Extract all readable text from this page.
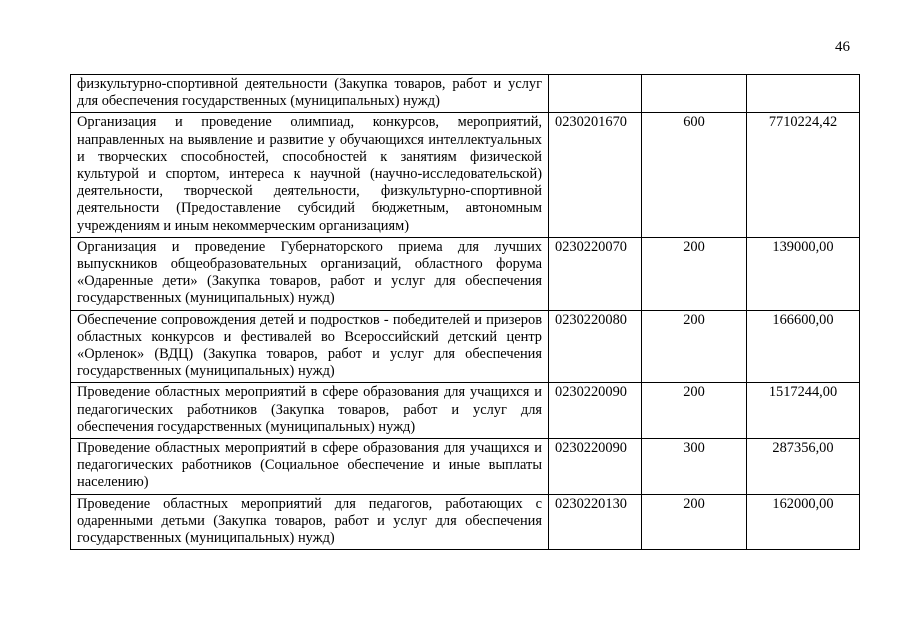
46
физкультурно-спортивной деятельности (Закупка товаров, работ и услуг для обеспечения государственных (муниципальных) нужд)			
Организация и проведение олимпиад, конкурсов, мероприятий, направленных на выявление и развитие у обучающихся интеллектуальных и творческих способностей, способностей к занятиям физической культурой и спортом, интереса к научной (научно-исследовательской) деятельности, творческой деятельности, физкультурно-спортивной деятельности (Предоставление субсидий бюджетным, автономным учреждениям и иным некоммерческим организациям)	0230201670	600	7710224,42
Организация и проведение Губернаторского приема для лучших выпускников общеобразовательных организаций, областного форума «Одаренные дети» (Закупка товаров, работ и услуг для обеспечения государственных (муниципальных) нужд)	0230220070	200	139000,00
Обеспечение сопровождения детей и подростков - победителей и призеров областных конкурсов и фестивалей во Всероссийский детский центр «Орленок» (ВДЦ) (Закупка товаров, работ и услуг для обеспечения государственных (муниципальных) нужд)	0230220080	200	166600,00
Проведение областных мероприятий в сфере образования для учащихся и педагогических работников (Закупка товаров, работ и услуг для обеспечения государственных (муниципальных) нужд)	0230220090	200	1517244,00
Проведение областных мероприятий в сфере образования для учащихся и педагогических работников (Социальное обеспечение и иные выплаты населению)	0230220090	300	287356,00
Проведение областных мероприятий для педагогов, работающих с одаренными детьми (Закупка товаров, работ и услуг для обеспечения государственных (муниципальных) нужд)	0230220130	200	162000,00
